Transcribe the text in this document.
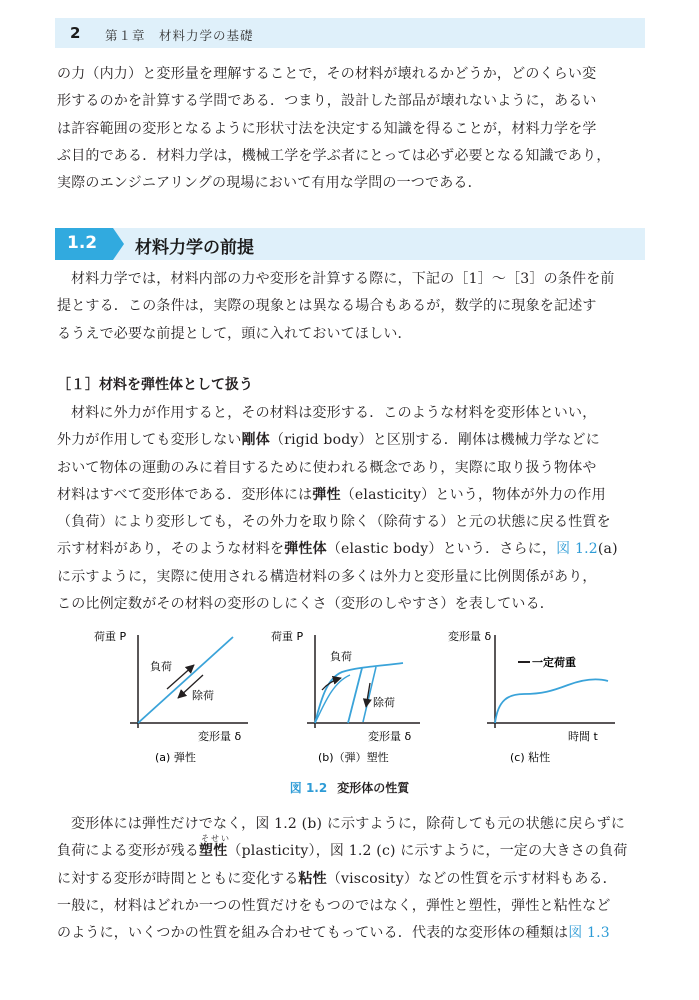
2 第１章　材料力学の基礎
の力（内力）と変形量を理解することで，その材料が壊れるかどうか，どのくらい変
形するのかを計算する学問である．つまり，設計した部品が壊れないように，あるい
は許容範囲の変形となるように形状寸法を決定する知識を得ることが，材料力学を学
ぶ目的である．材料力学は，機械工学を学ぶ者にとっては必ず必要となる知識であり，
実際のエンジニアリングの現場において有用な学問の一つである．
1.2 材料力学の前提
材料力学では，材料内部の力や変形を計算する際に，下記の［1］〜［3］の条件を前
提とする．この条件は，実際の現象とは異なる場合もあるが，数学的に現象を記述す
るうえで必要な前提として，頭に入れておいてほしい．
［１］材料を弾性体として扱う
材料に外力が作用すると，その材料は変形する．このような材料を変形体といい，
外力が作用しても変形しない剛体（rigid body）と区別する．剛体は機械力学などに
おいて物体の運動のみに着目するために使われる概念であり，実際に取り扱う物体や
材料はすべて変形体である．変形体には弾性（elasticity）という，物体が外力の作用
（負荷）により変形しても，その外力を取り除く（除荷する）と元の状態に戻る性質を
示す材料があり，そのような材料を弾性体（elastic body）という．さらに，図 1.2(a)
に示すように，実際に使用される構造材料の多くは外力と変形量に比例関係があり，
この比例定数がその材料の変形のしにくさ（変形のしやすさ）を表している．
荷重 P
変形量 δ
負荷
除荷
(a) 弾性
荷重 P
変形量 δ
負荷
除荷
(b)（弾）塑性
変形量 δ
時間 t
一定荷重
(c) 粘性
図 1.2 変形体の性質
変形体には弾性だけでなく，図 1.2 (b) に示すように，除荷しても元の状態に戻らずに
負荷による変形が残る
そせい
塑性（plasticity），図 1.2 (c) に示すように，一定の大きさの負荷
に対する変形が時間とともに変化する粘性（viscosity）などの性質を示す材料もある．
一般に，材料はどれか一つの性質だけをもつのではなく，弾性と塑性，弾性と粘性など
のように，いくつかの性質を組み合わせてもっている．代表的な変形体の種類は図 1.3
